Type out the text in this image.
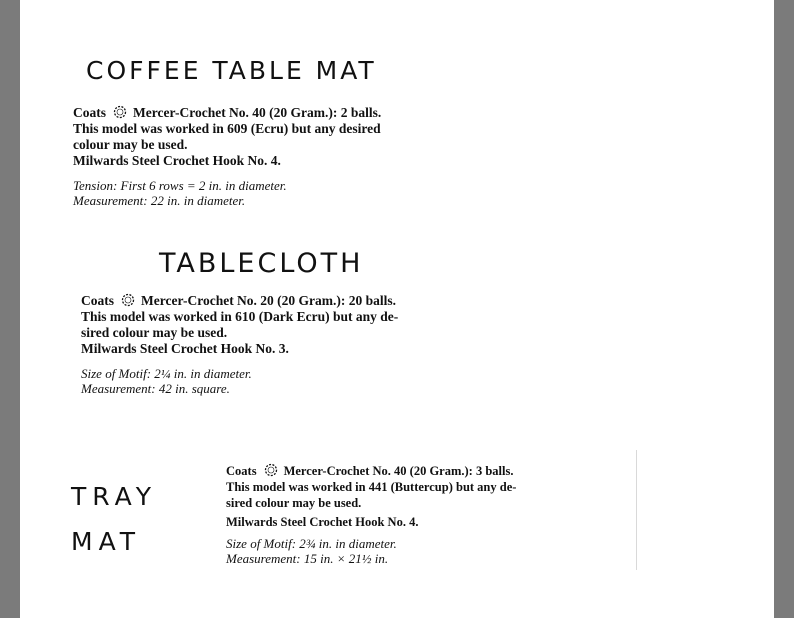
COFFEE TABLE MAT
Coats Mercer-Crochet No. 40 (20 Gram.): 2 balls.
This model was worked in 609 (Ecru) but any desired
colour may be used.
Milwards Steel Crochet Hook No. 4.
Tension: First 6 rows = 2 in. in diameter.
Measurement: 22 in. in diameter.
TABLECLOTH
Coats Mercer-Crochet No. 20 (20 Gram.): 20 balls.
This model was worked in 610 (Dark Ecru) but any de-
sired colour may be used.
Milwards Steel Crochet Hook No. 3.
Size of Motif: 2¼ in. in diameter.
Measurement: 42 in. square.
TRAY
MAT
Coats Mercer-Crochet No. 40 (20 Gram.): 3 balls.
This model was worked in 441 (Buttercup) but any de-
sired colour may be used.
Milwards Steel Crochet Hook No. 4.
Size of Motif: 2¾ in. in diameter.
Measurement: 15 in. × 21½ in.
